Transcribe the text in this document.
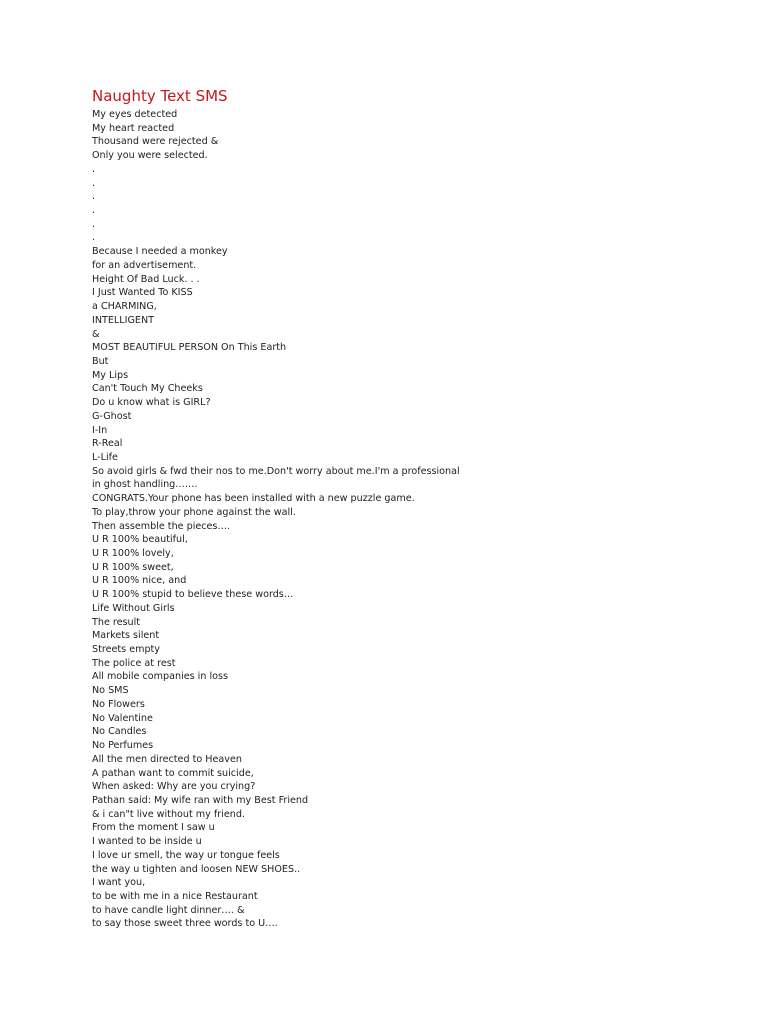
Naughty Text SMS
My eyes detected
My heart reacted
Thousand were rejected &
Only you were selected.
.
.
.
.
.
.
Because I needed a monkey
for an advertisement.
Height Of Bad Luck. . .
I Just Wanted To KISS
a CHARMING,
INTELLIGENT
&
MOST BEAUTIFUL PERSON On This Earth
But
My Lips
Can't Touch My Cheeks
Do u know what is GIRL?
G-Ghost
I-In
R-Real
L-Life
So avoid girls & fwd their nos to me.Don't worry about me.I'm a professional
in ghost handling…….
CONGRATS.Your phone has been installed with a new puzzle game.
To play,throw your phone against the wall.
Then assemble the pieces….
U R 100% beautiful,
U R 100% lovely,
U R 100% sweet,
U R 100% nice, and
U R 100% stupid to believe these words…
Life Without Girls
The result
Markets silent
Streets empty
The police at rest
All mobile companies in loss
No SMS
No Flowers
No Valentine
No Candles
No Perfumes
All the men directed to Heaven
A pathan want to commit suicide,
When asked: Why are you crying?
Pathan said: My wife ran with my Best Friend
& i can"t live without my friend.
From the moment I saw u
I wanted to be inside u
I love ur smell, the way ur tongue feels
the way u tighten and loosen NEW SHOES..
I want you,
to be with me in a nice Restaurant
to have candle light dinner…. &
to say those sweet three words to U….
